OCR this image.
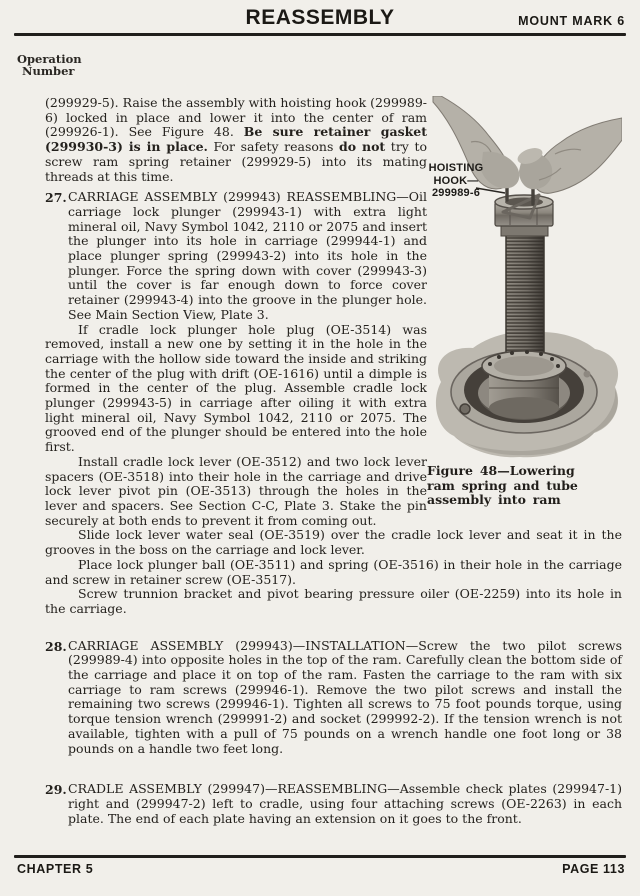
REASSEMBLY	MOUNT MARK 6
Operation
Number

(299929-5). Raise the assembly with hoisting hook (299989-6) locked in place and lower it into the center of ram (299926-1). See Figure 48. Be sure retainer gasket (299930-3) is in place. For safety reasons do not try to screw ram spring retainer (299929-5) into its mating threads at this time.

27. CARRIAGE ASSEMBLY (299943) REASSEMBLING—Oil carriage lock plunger (299943-1) with extra light mineral oil, Navy Symbol 1042, 2110 or 2075 and insert the plunger into its hole in carriage (299944-1) and place plunger spring (299943-2) into its hole in the plunger. Force the spring down with cover (299943-3) until the cover is far enough down to force cover retainer (299943-4) into the groove in the plunger hole. See Main Section View, Plate 3.

If cradle lock plunger hole plug (OE-3514) was removed, install a new one by setting it in the hole in the carriage with the hollow side toward the inside and striking the center of the plug with drift (OE-1616) until a dimple is formed in the center of the plug. Assemble cradle lock plunger (299943-5) in carriage after oiling it with extra light mineral oil, Navy Symbol 1042, 2110 or 2075. The grooved end of the plunger should be entered into the hole first.

Install cradle lock lever (OE-3512) and two lock lever spacers (OE-3518) into their hole in the carriage and drive lock lever pivot pin (OE-3513) through the holes in the lever and spacers. See Section C-C, Plate 3. Stake the pin securely at both ends to prevent it from coming out.

HOISTING
HOOK—
299989-6

Figure 48—Lowering ram spring and tube assembly into ram

Slide lock lever water seal (OE-3519) over the cradle lock lever and seat it in the grooves in the boss on the carriage and lock lever.

Place lock plunger ball (OE-3511) and spring (OE-3516) in their hole in the carriage and screw in retainer screw (OE-3517).

Screw trunnion bracket and pivot bearing pressure oiler (OE-2259) into its hole in the carriage.

28. CARRIAGE ASSEMBLY (299943)—INSTALLATION—Screw the two pilot screws (299989-4) into opposite holes in the top of the ram. Carefully clean the bottom side of the carriage and place it on top of the ram. Fasten the carriage to the ram with six carriage to ram screws (299946-1). Remove the two pilot screws and install the remaining two screws (299946-1). Tighten all screws to 75 foot pounds torque, using torque tension wrench (299991-2) and socket (299992-2). If the tension wrench is not available, tighten with a pull of 75 pounds on a wrench handle one foot long or 38 pounds on a handle two feet long.

29. CRADLE ASSEMBLY (299947)—REASSEMBLING—Assemble check plates (299947-1) right and (299947-2) left to cradle, using four attaching screws (OE-2263) in each plate. The end of each plate having an extension on it goes to the front.

CHAPTER 5	PAGE 113
